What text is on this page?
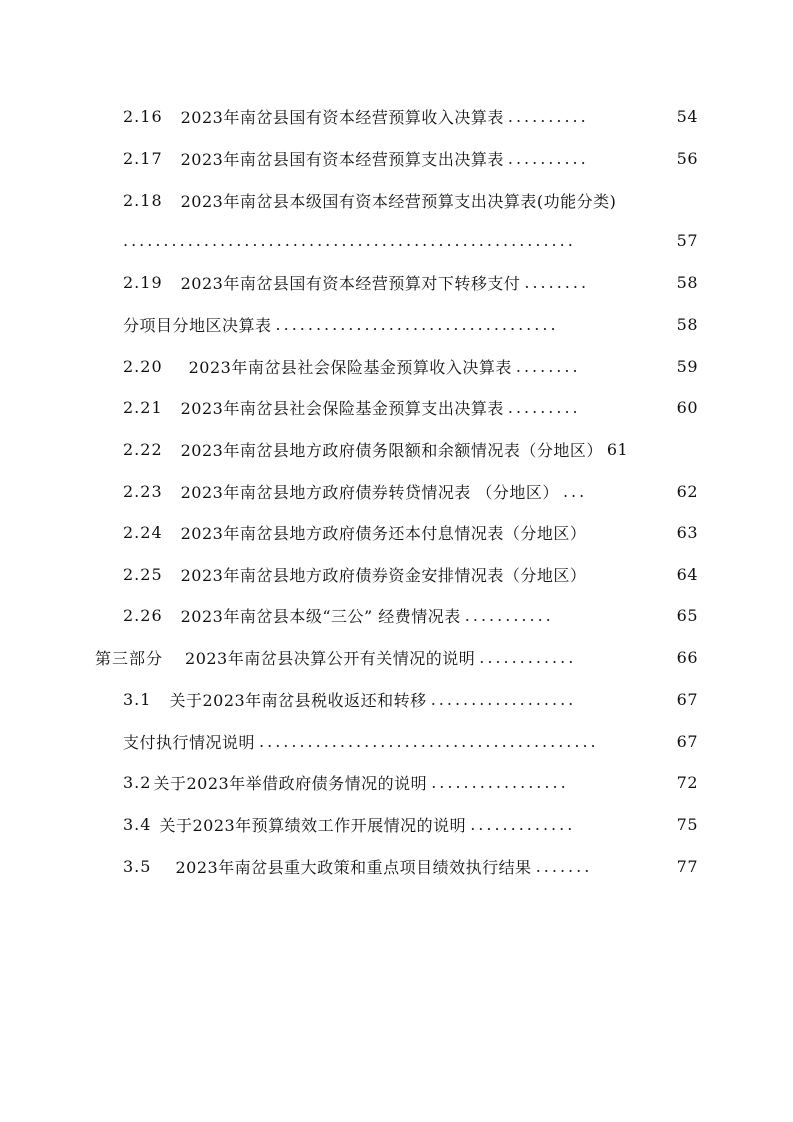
2.16 2023年南岔县国有资本经营预算收入决算表 ..........	54
2.17 2023年南岔县国有资本经营预算支出决算表 ..........	56
2.18 2023年南岔县本级国有资本经营预算支出决算表(功能分类)
........................................................	57
2.19 2023年南岔县国有资本经营预算对下转移支付 ........	58
分项目分地区决算表 ...................................	58
2.20 2023年南岔县社会保险基金预算收入决算表 ........	59
2.21 2023年南岔县社会保险基金预算支出决算表 .........	60
2.22 2023年南岔县地方政府债务限额和余额情况表（分地区） 61
2.23 2023年南岔县地方政府债券转贷情况表 （分地区） ...	62
2.24 2023年南岔县地方政府债务还本付息情况表（分地区）	63
2.25 2023年南岔县地方政府债券资金安排情况表（分地区）	64
2.26 2023年南岔县本级“三公” 经费情况表 ...........	65
第三部分 2023年南岔县决算公开有关情况的说明 ............	66
3.1 关于2023年南岔县税收返还和转移 ..................	67
支付执行情况说明 ..........................................	67
3.2 关于2023年举借政府债务情况的说明 .................	72
3.4 关于2023年预算绩效工作开展情况的说明 .............	75
3.5 2023年南岔县重大政策和重点项目绩效执行结果 .......	77
